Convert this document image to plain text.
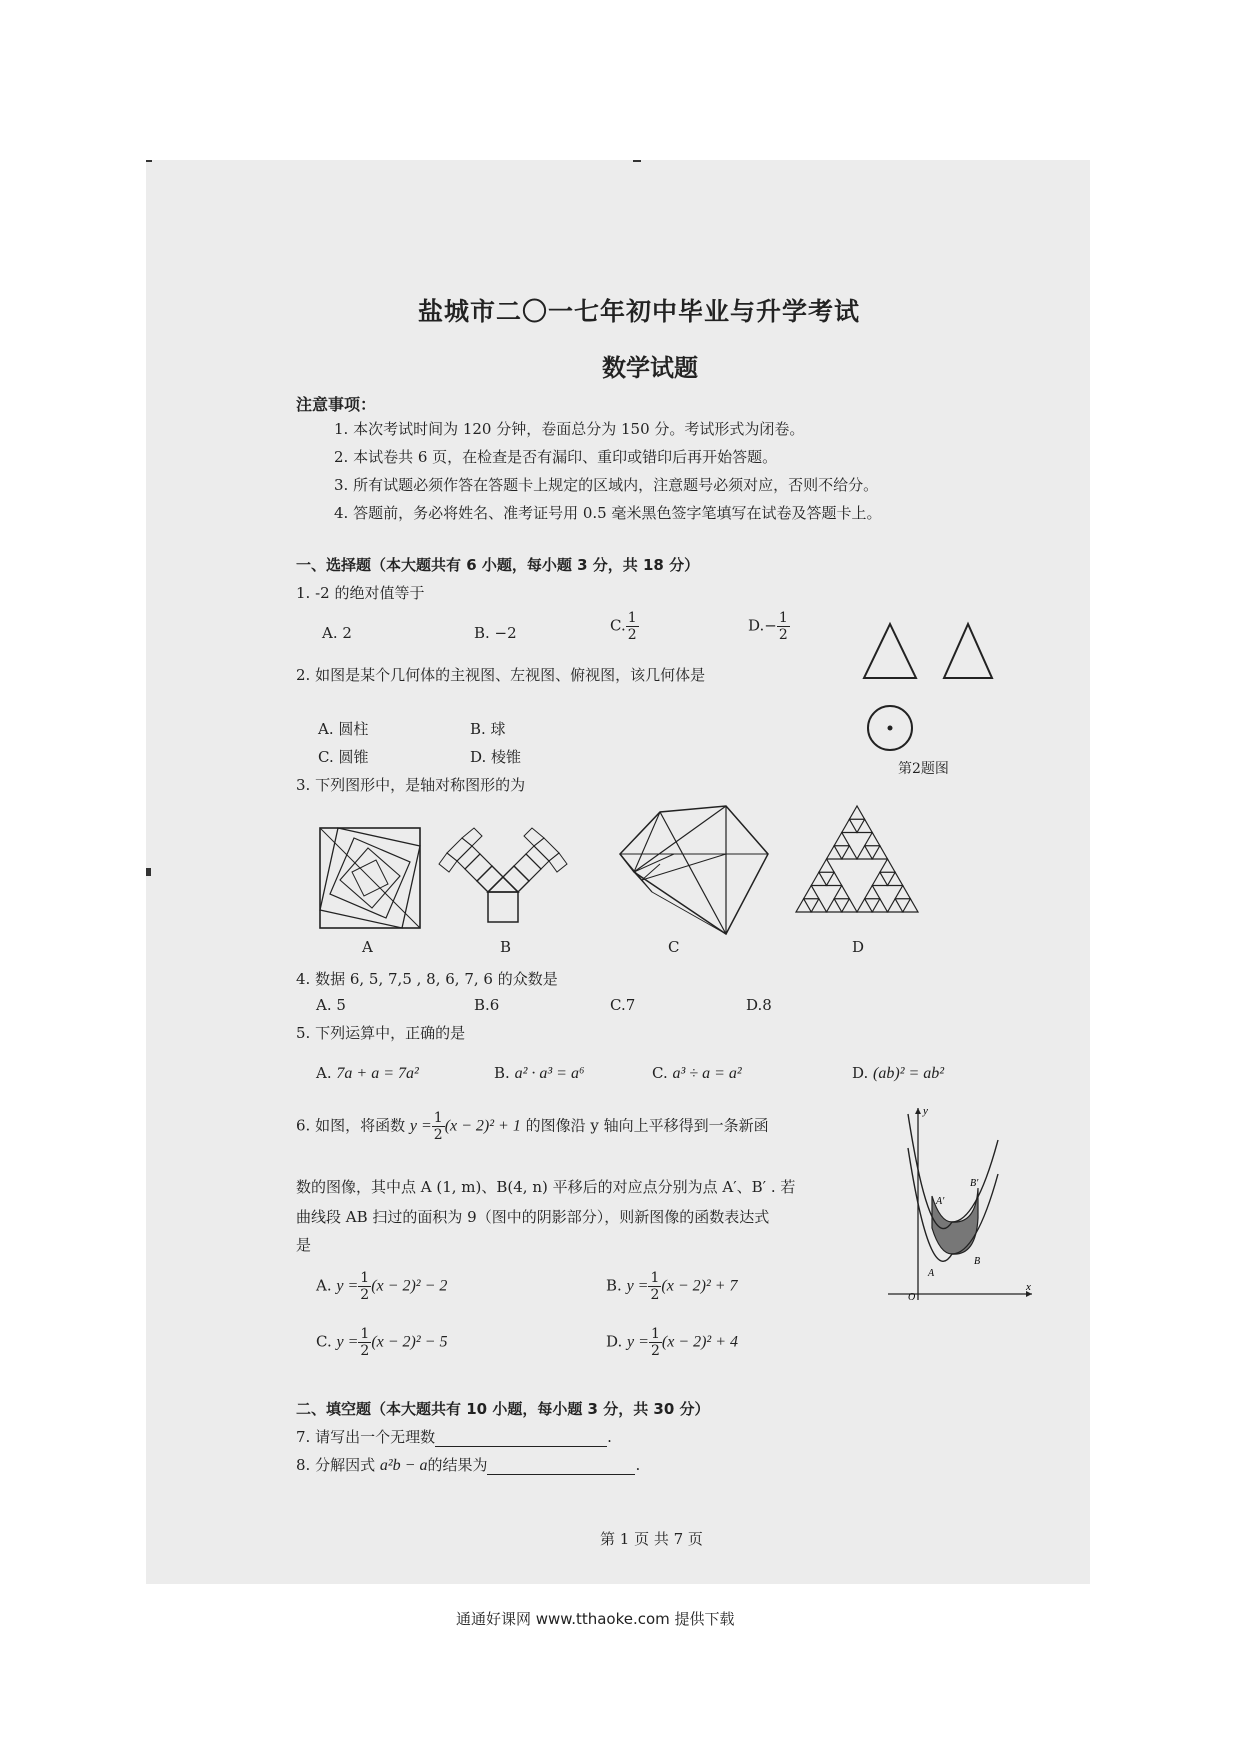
盐城市二〇一七年初中毕业与升学考试
数学试题
注意事项：
1. 本次考试时间为 120 分钟，卷面总分为 150 分。考试形式为闭卷。
2. 本试卷共 6 页，在检查是否有漏印、重印或错印后再开始答题。
3. 所有试题必须作答在答题卡上规定的区域内，注意题号必须对应，否则不给分。
4. 答题前，务必将姓名、准考证号用 0.5 毫米黑色签字笔填写在试卷及答题卡上。
一、选择题（本大题共有 6 小题，每小题 3 分，共 18 分）
1. -2 的绝对值等于
A. 2	B. −2	C. $\frac{1}{2}$	$D.- \frac{1}{2}$
2. 如图是某个几何体的主视图、左视图、俯视图，该几何体是
A. 圆柱	B. 球
C. 圆锥	D. 棱锥
第2题图
3. 下列图形中，是轴对称图形的为
A	B	C	D
4. 数据 6, 5, 7,5 , 8, 6, 7, 6 的众数是
A. 5	B.6	C.7	D.8
5. 下列运算中，正确的是
A. 7a + a = 7a²	B. a² · a³ = a⁶	C. a³ ÷ a = a²	D. (ab)² = ab²
6. 如图，将函数 $y = \frac{1}{2} (x - 2)^2 + 1$ 的图像沿 y 轴向上平移得到一条新函
数的图像，其中点 A (1, m)、B(4, n) 平移后的对应点分别为点 A′、B′ . 若
曲线段 AB 扫过的面积为 9（图中的阴影部分），则新图像的函数表达式
是
A. $y = \frac{1}{2} (x - 2)^2 - 2$	B. $y = \frac{1}{2} (x - 2)^2 + 7$
C. $y = \frac{1}{2} (x - 2)^2 - 5$	D. $y = \frac{1}{2} (x - 2)^2 + 4$
y
x
O
A′
B′
A
B
二、填空题（本大题共有 10 小题，每小题 3 分，共 30 分）
7. 请写出一个无理数	.
8. 分解因式 a²b − a的结果为	.
第 1 页 共 7 页
通通好课网 www.tthaoke.com 提供下载
